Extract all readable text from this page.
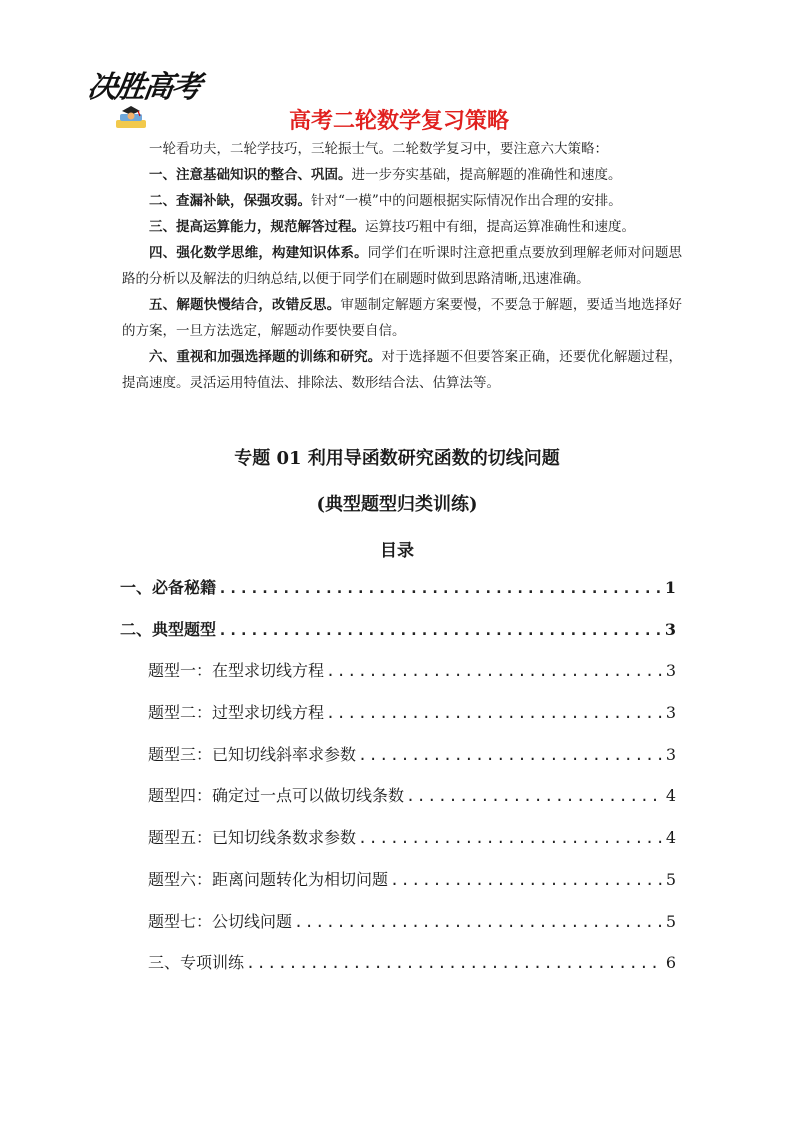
决胜高考
高考二轮数学复习策略

一轮看功夫，二轮学技巧，三轮振士气。二轮数学复习中，要注意六大策略：

一、注意基础知识的整合、巩固。进一步夯实基础，提高解题的准确性和速度。

二、查漏补缺，保强攻弱。针对“一模”中的问题根据实际情况作出合理的安排。

三、提高运算能力，规范解答过程。运算技巧粗中有细，提高运算准确性和速度。

四、强化数学思维，构建知识体系。同学们在听课时注意把重点要放到理解老师对问题思路的分析以及解法的归纳总结,以便于同学们在刷题时做到思路清晰,迅速准确。

五、解题快慢结合，改错反思。审题制定解题方案要慢，不要急于解题，要适当地选择好的方案，一旦方法选定，解题动作要快要自信。

六、重视和加强选择题的训练和研究。对于选择题不但要答案正确，还要优化解题过程，提高速度。灵活运用特值法、排除法、数形结合法、估算法等。

专题 01 利用导函数研究函数的切线问题
(典型题型归类训练)
目录
一、必备秘籍 .....	1
二、典型题型 .....	3
题型一：在型求切线方程 .....	3
题型二：过型求切线方程 .....	3
题型三：已知切线斜率求参数 .....	3
题型四：确定过一点可以做切线条数 .....	4
题型五：已知切线条数求参数 .....	4
题型六：距离问题转化为相切问题 .....	5
题型七：公切线问题 .....	5
三、专项训练 .....	6
